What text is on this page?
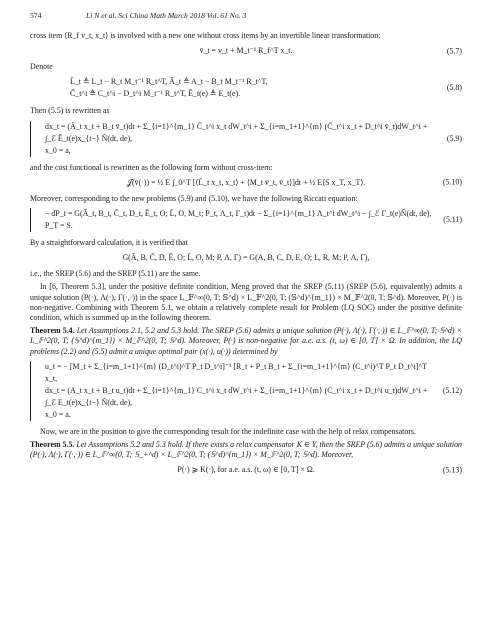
574	Li N et al. Sci China Math March 2018 Vol. 61 No. 3

cross item ⟨R_f v_t, x_t⟩ is involved with a new one without cross items by an invertible linear transformation:

v̄_t = v_t + M_t⁻¹ R_f^T x_t.	(5.7)

Denote

L̄_t ≜ L_t − R_t M_t⁻¹ R_t^T, Ā_t ≜ A_t − B_t M_t⁻¹ R_t^T,
C̄_t^i ≜ C_t^i − D_t^i M_t⁻¹ R_t^T, Ē_t(e) ≜ E_t(e).
(5.8)

Then (5.5) is rewritten as

dx_t = (Ā_t x_t + B_t v̄_t)dt + Σ_{i=1}^{m_1} C̄_t^i x_t dW_t^i + Σ_{i=m_1+1}^{m} (C̄_t^i x_t + D_t^i v̄_t)dW_t^i + ∫_ℰ Ē_t(e)x_{t−} Ñ(dt, de),
x_0 = a,
(5.9)

and the cost functional is rewritten as the following form without cross-item:

𝒥(v̄(·)) = ½ E ∫_0^T [⟨L̄_t x_t, x_t⟩ + ⟨M_t v̄_t, v̄_t⟩]dt + ½ E⟨S x_T, x_T⟩.	(5.10)

Moreover, corresponding to the new problems (5.9) and (5.10), we have the following Riccati equation:

− dP_t = G(Ā_t, B_t, C̄_t, D_t, Ē_t, O; L̄, O, M_t; P_t, Λ_t, Γ_t)dt − Σ_{i=1}^{m_1} Λ_t^i dW_t^i − ∫_ℰ Γ_t(e)Ñ(dt, de),
P_T = S.
(5.11)

By a straightforward calculation, it is verified that

G(Ā, B, C̄, D, Ē, O; L̄, O, M; P, Λ, Γ) = G(A, B, C, D, E, O; L, R, M; P, Λ, Γ),

i.e., the SREP (5.6) and the SREP (5.11) are the same.

In [6, Theorem 5.3], under the positive definite condition, Meng proved that the SREP (5.11) (SREP (5.6), equivalently) admits a unique solution (P(·), Λ(·), Γ(·,·)) in the space L_𝔽^∞(0, T; 𝕊^d) × L_𝔽^2(0, T; (𝕊^d)^{m_1}) × M_𝔽^2(0, T; 𝕊^d). Moreover, P(·) is non-negative. Combining with Theorem 5.1, we obtain a relatively complete result for Problem (LQ SOC) under the positive definite condition, which is summed up in the following theorem.

Theorem 5.4. Let Assumptions 2.1, 5.2 and 5.3 hold. The SREP (5.6) admits a unique solution (P(·), Λ(·), Γ(·,·)) ∈ L_𝔽^∞(0, T; 𝕊^d) × L_𝔽^2(0, T; (𝕊^d)^{m_1}) × M_𝔽^2(0, T; 𝕊^d). Moreover, P(·) is non-negative for a.e. a.s. (t, ω) ∈ [0, T] × Ω. In addition, the LQ problems (2.2) and (5.5) admit a unique optimal pair (x(·), u(·)) determined by

u_t = − [M_t + Σ_{i=m_1+1}^{m} (D_t^i)^T P_t D_t^i]⁻¹ [R_t + P_t B_t + Σ_{i=m_1+1}^{m} (C_t^i)^T P_t D_t^i]^T x_t,
dx_t = (A_t x_t + B_t u_t)dt + Σ_{i=1}^{m_1} C_t^i x_t dW_t^i + Σ_{i=m_1+1}^{m} (C_t^i x_t + D_t^i u_t)dW_t^i + ∫_ℰ E_t(e)x_{t−} Ñ(dt, de),
x_0 = a.
(5.12)

Now, we are in the position to give the corresponding result for the indefinite case with the help of relax compensators.

Theorem 5.5. Let Assumptions 5.2 and 5.3 hold. If there exists a relax compensator K ∈ Υ, then the SREP (5.6) admits a unique solution (P(·), Λ(·), Γ(·,·)) ∈ L_𝔽^∞(0, T; 𝕊_+^d) × L_𝔽^2(0, T; (𝕊^d)^{m_1}) × M_𝔽^2(0, T; 𝕊^d). Moreover,

P(·) ⩾ K(·), for a.e. a.s. (t, ω) ∈ [0, T] × Ω.	(5.13)
